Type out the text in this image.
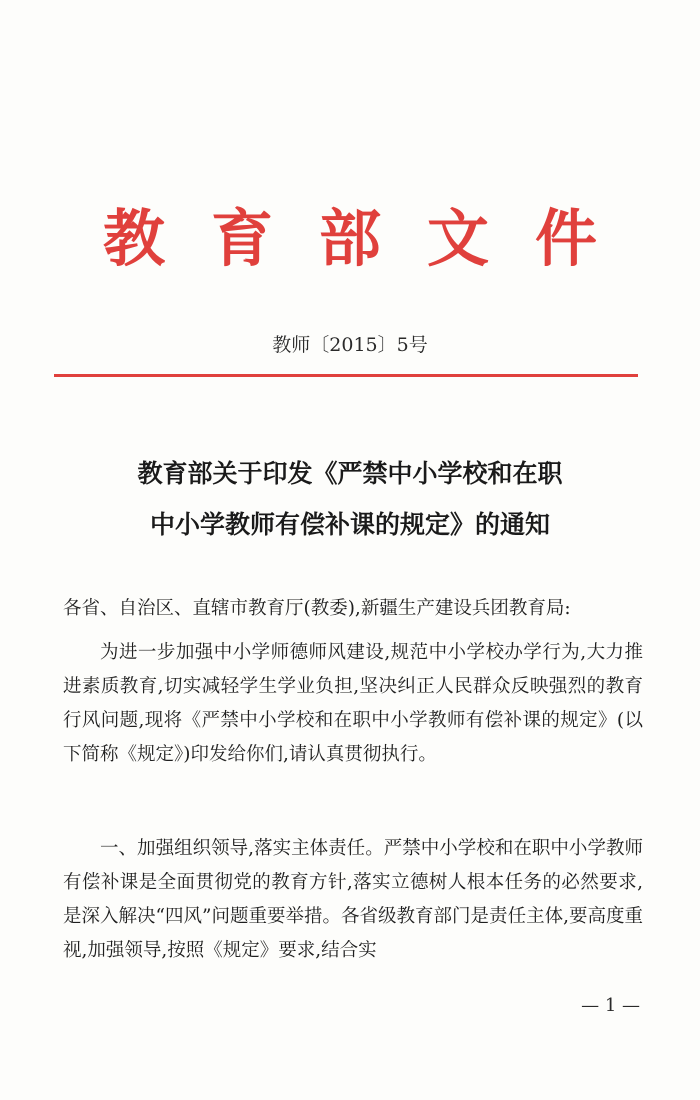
教 育 部 文 件
教师〔2015〕5号
教育部关于印发《严禁中小学校和在职
中小学教师有偿补课的规定》的通知
各省、自治区、直辖市教育厅(教委),新疆生产建设兵团教育局:
为进一步加强中小学师德师风建设,规范中小学校办学行为,大力推进素质教育,切实减轻学生学业负担,坚决纠正人民群众反映强烈的教育行风问题,现将《严禁中小学校和在职中小学教师有偿补课的规定》(以下简称《规定》)印发给你们,请认真贯彻执行。
一、加强组织领导,落实主体责任。严禁中小学校和在职中小学教师有偿补课是全面贯彻党的教育方针,落实立德树人根本任务的必然要求,是深入解决“四风”问题重要举措。各省级教育部门是责任主体,要高度重视,加强领导,按照《规定》要求,结合实
— 1 —
